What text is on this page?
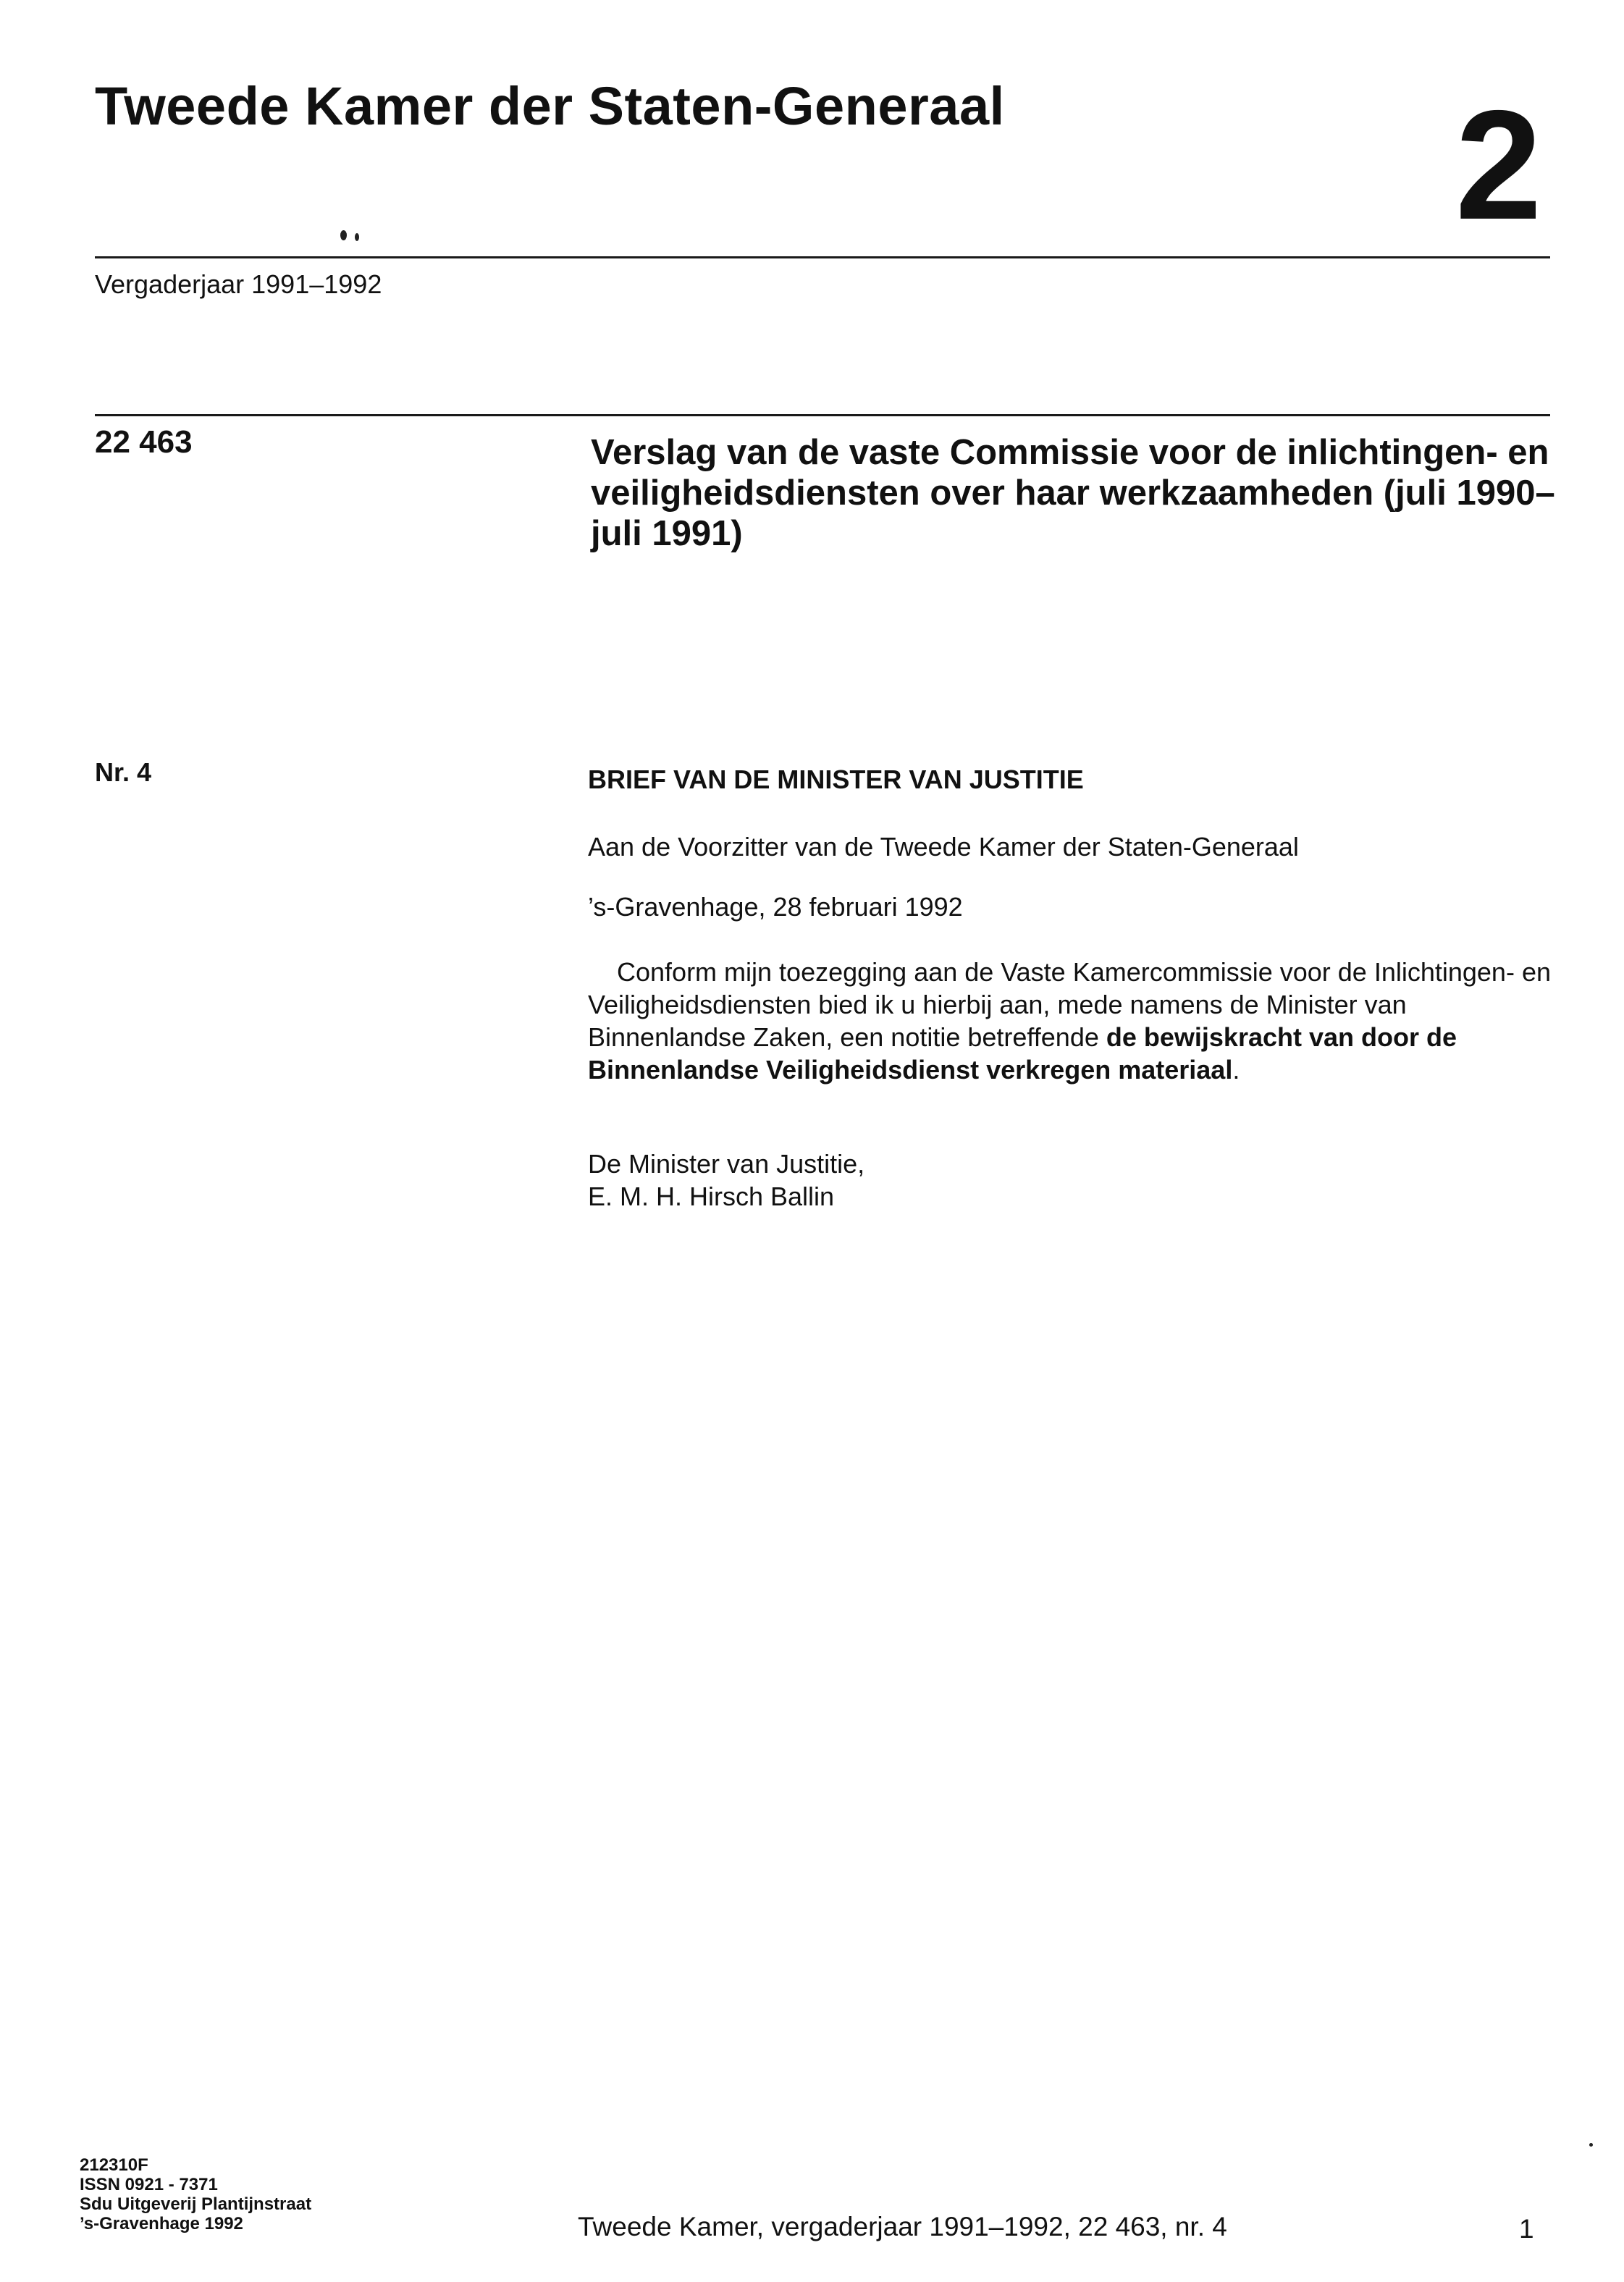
Tweede Kamer der Staten-Generaal	2
Vergaderjaar 1991–1992
22 463	Verslag van de vaste Commissie voor de inlichtingen- en veiligheidsdiensten over haar werkzaamheden (juli 1990–juli 1991)
Nr. 4	BRIEF VAN DE MINISTER VAN JUSTITIE
Aan de Voorzitter van de Tweede Kamer der Staten-Generaal
’s-Gravenhage, 28 februari 1992
Conform mijn toezegging aan de Vaste Kamercommissie voor de Inlichtingen- en Veiligheidsdiensten bied ik u hierbij aan, mede namens de Minister van Binnenlandse Zaken, een notitie betreffende de bewijskracht van door de Binnenlandse Veiligheidsdienst verkregen materiaal.
De Minister van Justitie,
E. M. H. Hirsch Ballin
212310F
ISSN 0921 - 7371
Sdu Uitgeverij Plantijnstraat
’s-Gravenhage 1992	Tweede Kamer, vergaderjaar 1991–1992, 22 463, nr. 4	1
